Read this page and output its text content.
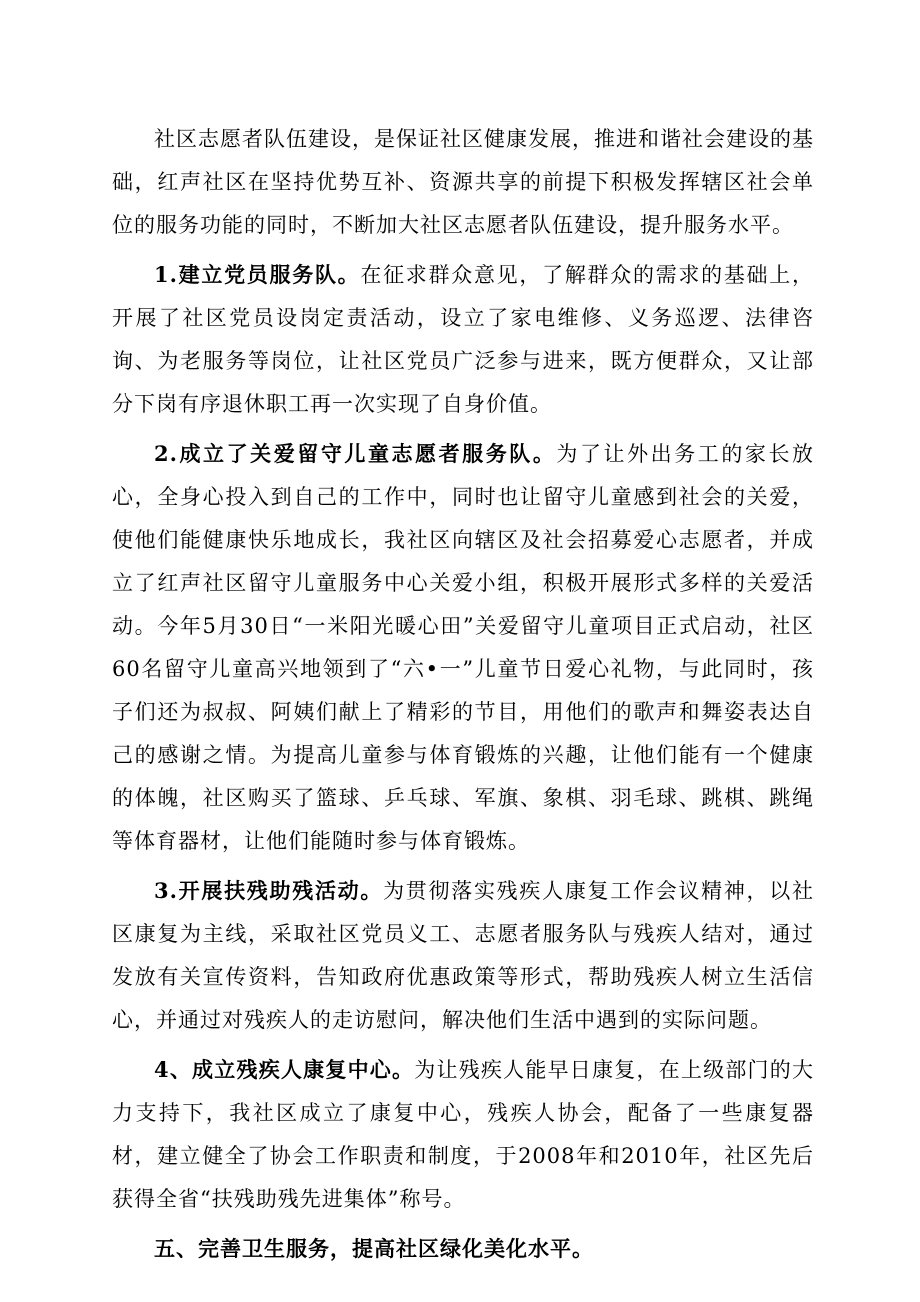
社区志愿者队伍建设，是保证社区健康发展，推进和谐社会建设的基础，红声社区在坚持优势互补、资源共享的前提下积极发挥辖区社会单位的服务功能的同时，不断加大社区志愿者队伍建设，提升服务水平。

1.建立党员服务队。在征求群众意见，了解群众的需求的基础上，开展了社区党员设岗定责活动，设立了家电维修、义务巡逻、法律咨询、为老服务等岗位，让社区党员广泛参与进来，既方便群众，又让部分下岗有序退休职工再一次实现了自身价值。

2.成立了关爱留守儿童志愿者服务队。为了让外出务工的家长放心，全身心投入到自己的工作中，同时也让留守儿童感到社会的关爱，使他们能健康快乐地成长，我社区向辖区及社会招募爱心志愿者，并成立了红声社区留守儿童服务中心关爱小组，积极开展形式多样的关爱活动。今年5月30日“一米阳光暖心田”关爱留守儿童项目正式启动，社区60名留守儿童高兴地领到了“六•一”儿童节日爱心礼物，与此同时，孩子们还为叔叔、阿姨们献上了精彩的节目，用他们的歌声和舞姿表达自己的感谢之情。为提高儿童参与体育锻炼的兴趣，让他们能有一个健康的体魄，社区购买了篮球、乒乓球、军旗、象棋、羽毛球、跳棋、跳绳等体育器材，让他们能随时参与体育锻炼。

3.开展扶残助残活动。为贯彻落实残疾人康复工作会议精神，以社区康复为主线，采取社区党员义工、志愿者服务队与残疾人结对，通过发放有关宣传资料，告知政府优惠政策等形式，帮助残疾人树立生活信心，并通过对残疾人的走访慰问，解决他们生活中遇到的实际问题。

4、成立残疾人康复中心。为让残疾人能早日康复，在上级部门的大力支持下，我社区成立了康复中心，残疾人协会，配备了一些康复器材，建立健全了协会工作职责和制度，于2008年和2010年，社区先后获得全省“扶残助残先进集体”称号。

五、完善卫生服务，提高社区绿化美化水平。
